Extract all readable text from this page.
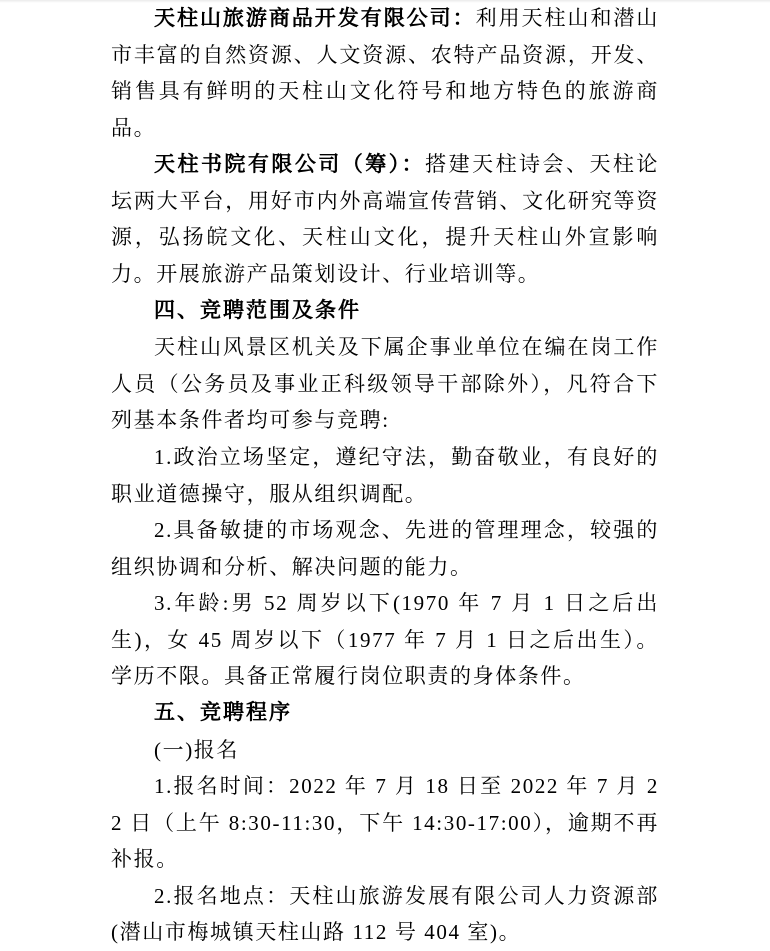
天柱山旅游商品开发有限公司：利用天柱山和潜山市丰富的自然资源、人文资源、农特产品资源，开发、销售具有鲜明的天柱山文化符号和地方特色的旅游商品。

天柱书院有限公司（筹）：搭建天柱诗会、天柱论坛两大平台，用好市内外高端宣传营销、文化研究等资源，弘扬皖文化、天柱山文化，提升天柱山外宣影响力。开展旅游产品策划设计、行业培训等。

四、竞聘范围及条件

天柱山风景区机关及下属企事业单位在编在岗工作人员（公务员及事业正科级领导干部除外），凡符合下列基本条件者均可参与竞聘:

1.政治立场坚定，遵纪守法，勤奋敬业，有良好的职业道德操守，服从组织调配。

2.具备敏捷的市场观念、先进的管理理念，较强的组织协调和分析、解决问题的能力。

3.年龄:男 52 周岁以下(1970 年 7 月 1 日之后出生)，女 45 周岁以下（1977 年 7 月 1 日之后出生）。学历不限。具备正常履行岗位职责的身体条件。

五、竞聘程序

(一)报名

1.报名时间：2022 年 7 月 18 日至 2022 年 7 月 22 日（上午 8:30-11:30，下午 14:30-17:00），逾期不再补报。

2.报名地点：天柱山旅游发展有限公司人力资源部(潜山市梅城镇天柱山路 112 号 404 室)。
